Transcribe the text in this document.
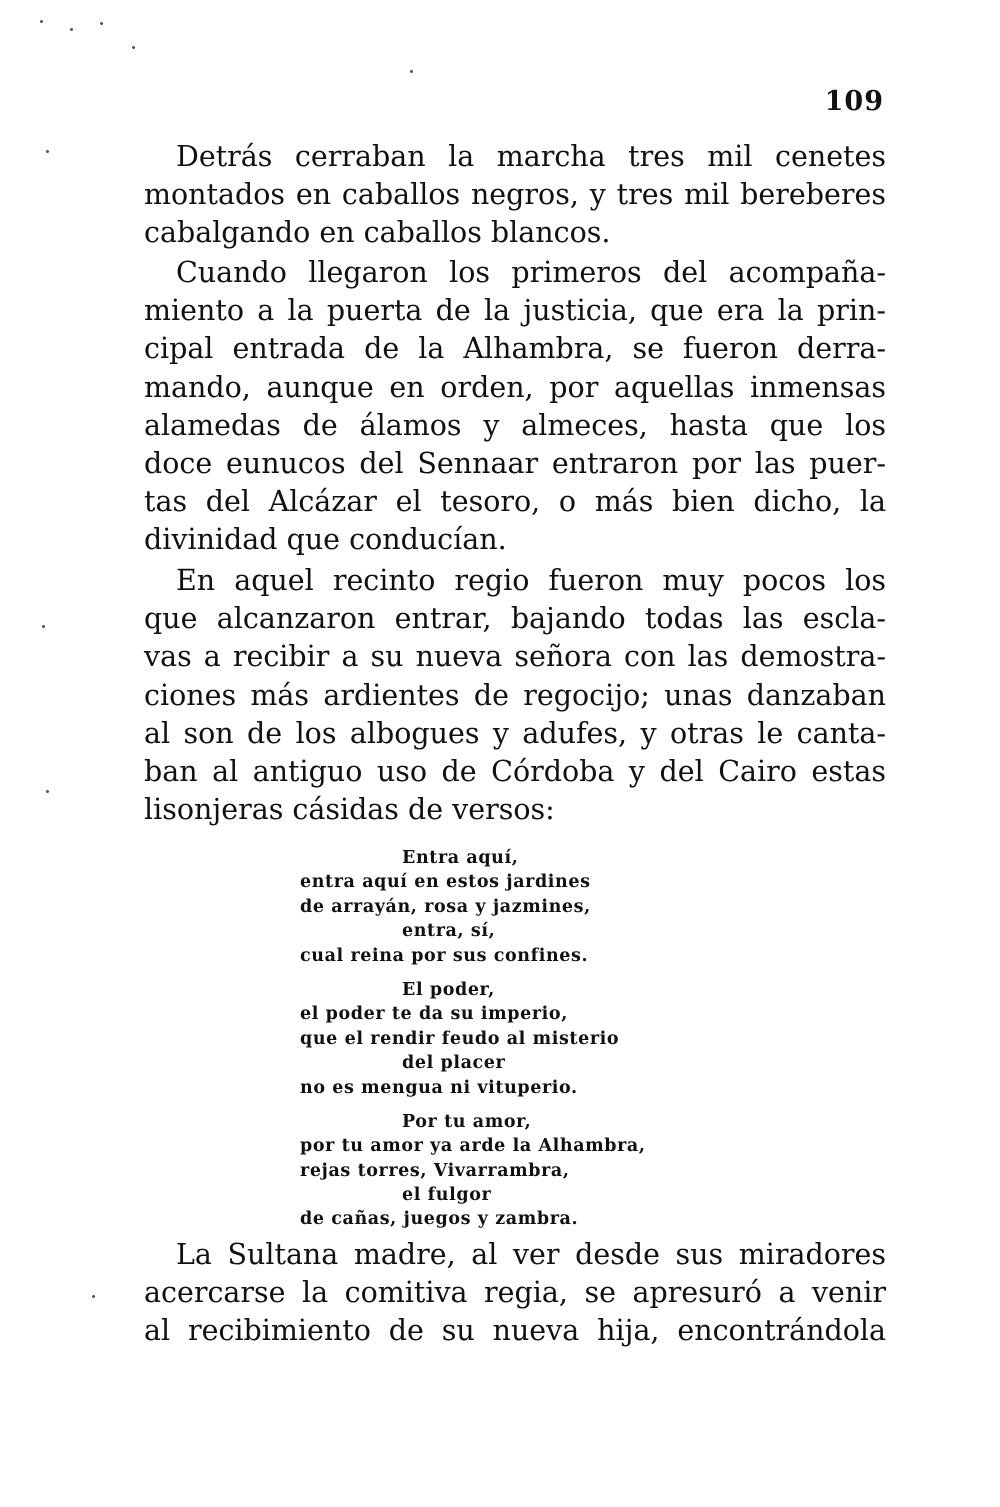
109
Detrás cerraban la marcha tres mil cenetes
montados en caballos negros, y tres mil bereberes
cabalgando en caballos blancos.
Cuando llegaron los primeros del acompaña-
miento a la puerta de la justicia, que era la prin-
cipal entrada de la Alhambra, se fueron derra-
mando, aunque en orden, por aquellas inmensas
alamedas de álamos y almeces, hasta que los
doce eunucos del Sennaar entraron por las puer-
tas del Alcázar el tesoro, o más bien dicho, la
divinidad que conducían.
En aquel recinto regio fueron muy pocos los
que alcanzaron entrar, bajando todas las escla-
vas a recibir a su nueva señora con las demostra-
ciones más ardientes de regocijo; unas danzaban
al son de los albogues y adufes, y otras le canta-
ban al antiguo uso de Córdoba y del Cairo estas
lisonjeras cásidas de versos:
Entra aquí,
entra aquí en estos jardines
de arrayán, rosa y jazmines,
entra, sí,
cual reina por sus confines.
El poder,
el poder te da su imperio,
que el rendir feudo al misterio
del placer
no es mengua ni vituperio.
Por tu amor,
por tu amor ya arde la Alhambra,
rejas torres, Vivarrambra,
el fulgor
de cañas, juegos y zambra.
La Sultana madre, al ver desde sus miradores
acercarse la comitiva regia, se apresuró a venir
al recibimiento de su nueva hija, encontrándola
